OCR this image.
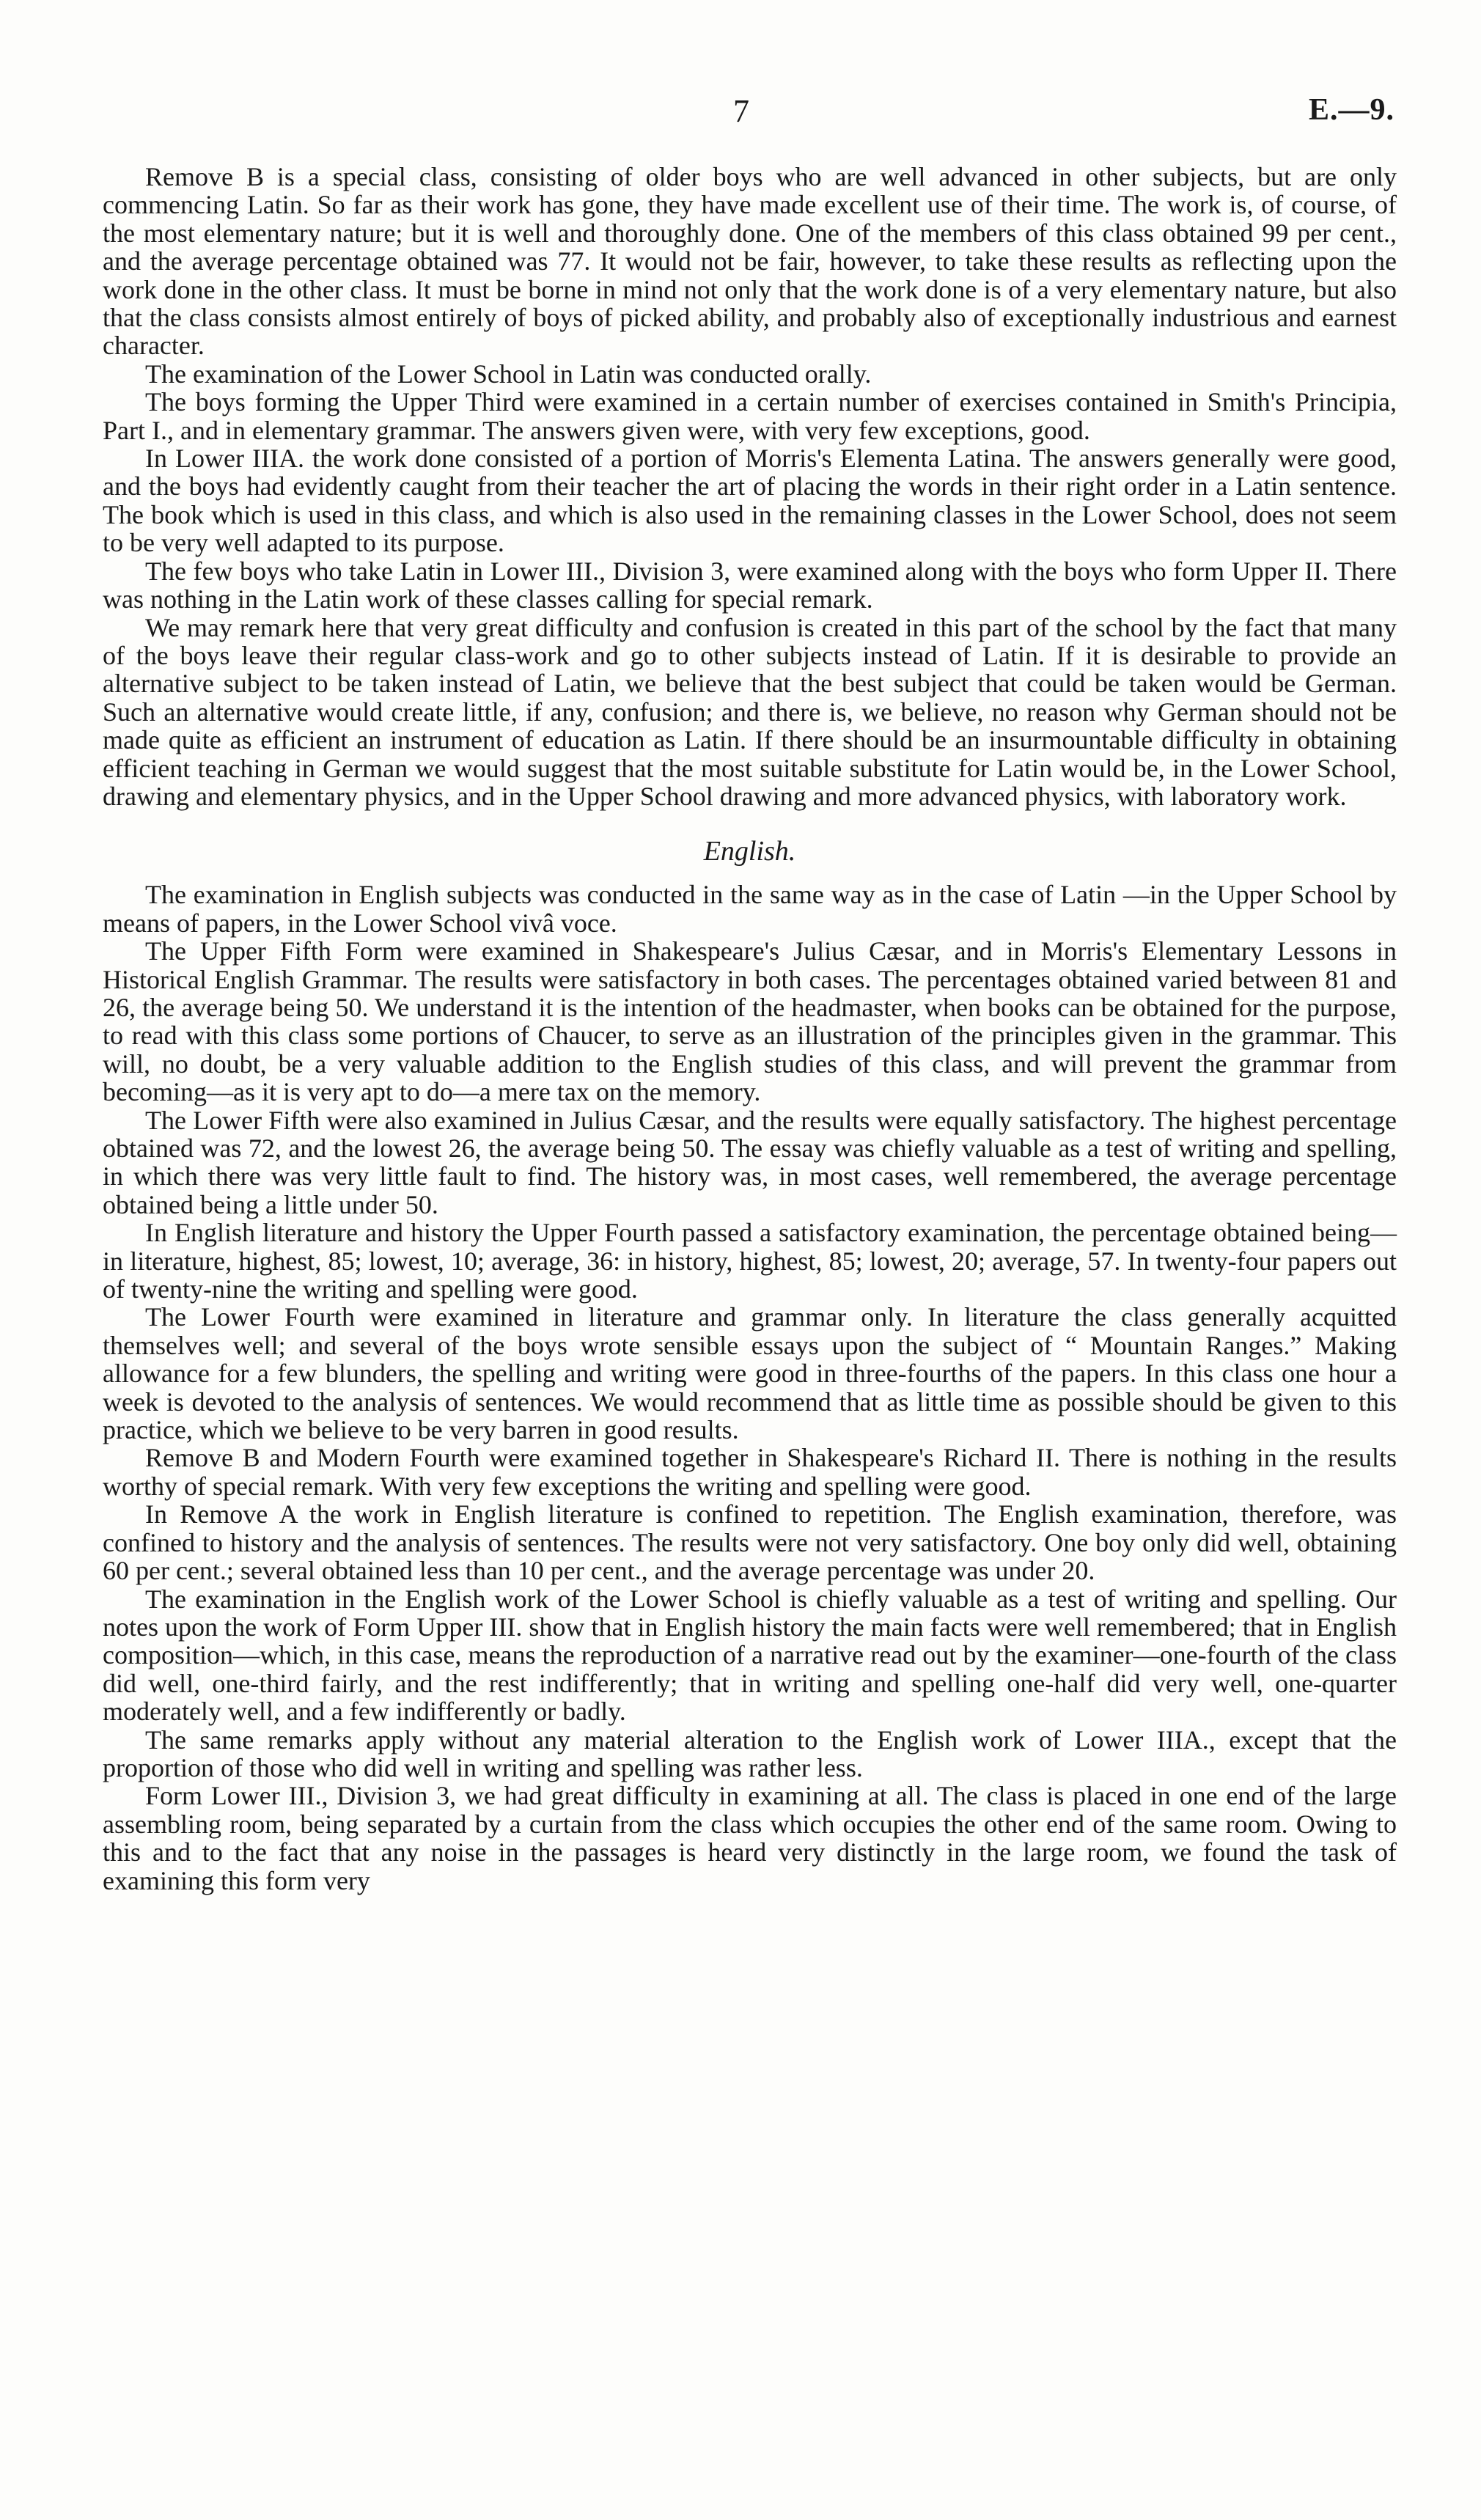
7	E.—9.

Remove B is a special class, consisting of older boys who are well advanced in other subjects, but are only commencing Latin. So far as their work has gone, they have made excellent use of their time. The work is, of course, of the most elementary nature; but it is well and thoroughly done. One of the members of this class obtained 99 per cent., and the average percentage obtained was 77. It would not be fair, however, to take these results as reflecting upon the work done in the other class. It must be borne in mind not only that the work done is of a very elementary nature, but also that the class consists almost entirely of boys of picked ability, and probably also of exceptionally industrious and earnest character.

The examination of the Lower School in Latin was conducted orally.

The boys forming the Upper Third were examined in a certain number of exercises contained in Smith's Principia, Part I., and in elementary grammar. The answers given were, with very few exceptions, good.

In Lower IIIA. the work done consisted of a portion of Morris's Elementa Latina. The answers generally were good, and the boys had evidently caught from their teacher the art of placing the words in their right order in a Latin sentence. The book which is used in this class, and which is also used in the remaining classes in the Lower School, does not seem to be very well adapted to its purpose.

The few boys who take Latin in Lower III., Division 3, were examined along with the boys who form Upper II. There was nothing in the Latin work of these classes calling for special remark.

We may remark here that very great difficulty and confusion is created in this part of the school by the fact that many of the boys leave their regular class-work and go to other subjects instead of Latin. If it is desirable to provide an alternative subject to be taken instead of Latin, we believe that the best subject that could be taken would be German. Such an alternative would create little, if any, confusion; and there is, we believe, no reason why German should not be made quite as efficient an instrument of education as Latin. If there should be an insurmountable difficulty in obtaining efficient teaching in German we would suggest that the most suitable substitute for Latin would be, in the Lower School, drawing and elementary physics, and in the Upper School drawing and more advanced physics, with laboratory work.

English.

The examination in English subjects was conducted in the same way as in the case of Latin —in the Upper School by means of papers, in the Lower School vivâ voce.

The Upper Fifth Form were examined in Shakespeare's Julius Cæsar, and in Morris's Elementary Lessons in Historical English Grammar. The results were satisfactory in both cases. The percentages obtained varied between 81 and 26, the average being 50. We understand it is the intention of the headmaster, when books can be obtained for the purpose, to read with this class some portions of Chaucer, to serve as an illustration of the principles given in the grammar. This will, no doubt, be a very valuable addition to the English studies of this class, and will prevent the grammar from becoming—as it is very apt to do—a mere tax on the memory.

The Lower Fifth were also examined in Julius Cæsar, and the results were equally satisfactory. The highest percentage obtained was 72, and the lowest 26, the average being 50. The essay was chiefly valuable as a test of writing and spelling, in which there was very little fault to find. The history was, in most cases, well remembered, the average percentage obtained being a little under 50.

In English literature and history the Upper Fourth passed a satisfactory examination, the percentage obtained being—in literature, highest, 85; lowest, 10; average, 36: in history, highest, 85; lowest, 20; average, 57. In twenty-four papers out of twenty-nine the writing and spelling were good.

The Lower Fourth were examined in literature and grammar only. In literature the class generally acquitted themselves well; and several of the boys wrote sensible essays upon the subject of “ Mountain Ranges.” Making allowance for a few blunders, the spelling and writing were good in three-fourths of the papers. In this class one hour a week is devoted to the analysis of sentences. We would recommend that as little time as possible should be given to this practice, which we believe to be very barren in good results.

Remove B and Modern Fourth were examined together in Shakespeare's Richard II. There is nothing in the results worthy of special remark. With very few exceptions the writing and spelling were good.

In Remove A the work in English literature is confined to repetition. The English examination, therefore, was confined to history and the analysis of sentences. The results were not very satisfactory. One boy only did well, obtaining 60 per cent.; several obtained less than 10 per cent., and the average percentage was under 20.

The examination in the English work of the Lower School is chiefly valuable as a test of writing and spelling. Our notes upon the work of Form Upper III. show that in English history the main facts were well remembered; that in English composition—which, in this case, means the reproduction of a narrative read out by the examiner—one-fourth of the class did well, one-third fairly, and the rest indifferently; that in writing and spelling one-half did very well, one-quarter moderately well, and a few indifferently or badly.

The same remarks apply without any material alteration to the English work of Lower IIIA., except that the proportion of those who did well in writing and spelling was rather less.

Form Lower III., Division 3, we had great difficulty in examining at all. The class is placed in one end of the large assembling room, being separated by a curtain from the class which occupies the other end of the same room. Owing to this and to the fact that any noise in the passages is heard very distinctly in the large room, we found the task of examining this form very
